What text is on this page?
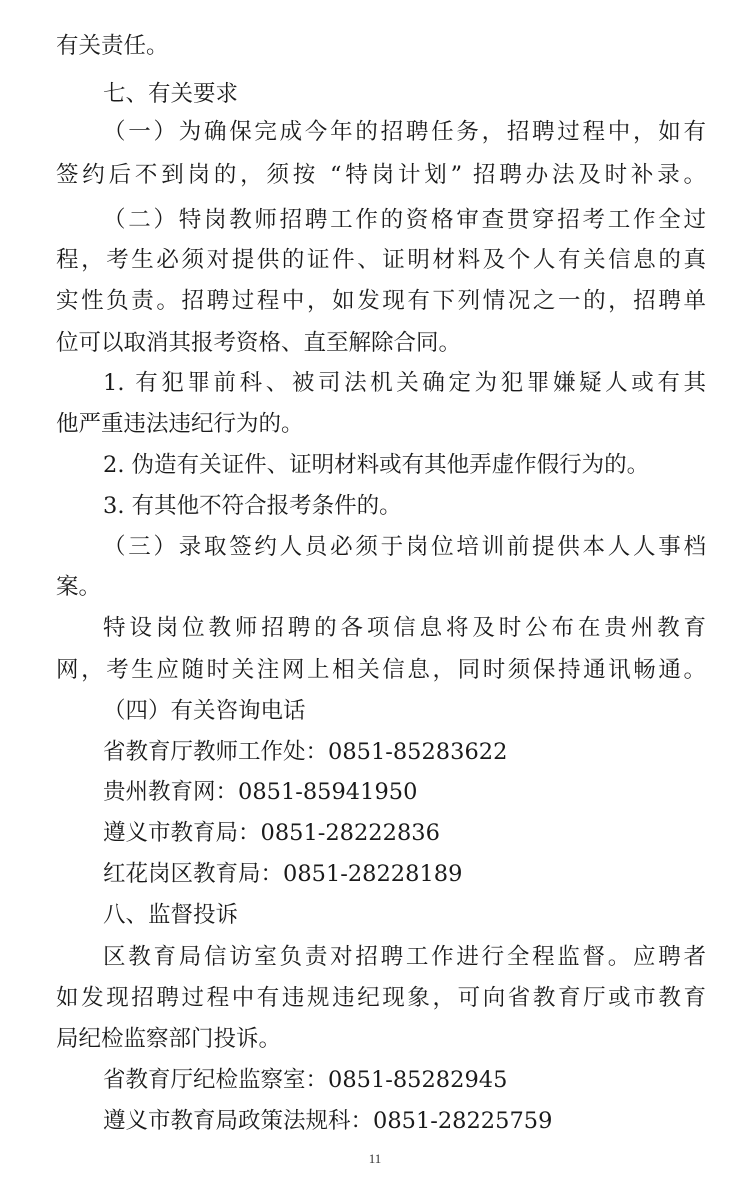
有关责任。
七、有关要求
（一）为确保完成今年的招聘任务，招聘过程中，如有
签约后不到岗的，须按 “特岗计划” 招聘办法及时补录。
（二）特岗教师招聘工作的资格审查贯穿招考工作全过
程，考生必须对提供的证件、证明材料及个人有关信息的真
实性负责。招聘过程中，如发现有下列情况之一的，招聘单
位可以取消其报考资格、直至解除合同。
1. 有犯罪前科、被司法机关确定为犯罪嫌疑人或有其
他严重违法违纪行为的。
2. 伪造有关证件、证明材料或有其他弄虚作假行为的。
3. 有其他不符合报考条件的。
（三）录取签约人员必须于岗位培训前提供本人人事档
案。
特设岗位教师招聘的各项信息将及时公布在贵州教育
网，考生应随时关注网上相关信息，同时须保持通讯畅通。
（四）有关咨询电话
省教育厅教师工作处：0851-85283622
贵州教育网：0851-85941950
遵义市教育局：0851-28222836
红花岗区教育局：0851-28228189
八、监督投诉
区教育局信访室负责对招聘工作进行全程监督。应聘者
如发现招聘过程中有违规违纪现象，可向省教育厅或市教育
局纪检监察部门投诉。
省教育厅纪检监察室：0851-85282945
遵义市教育局政策法规科：0851-28225759
11
